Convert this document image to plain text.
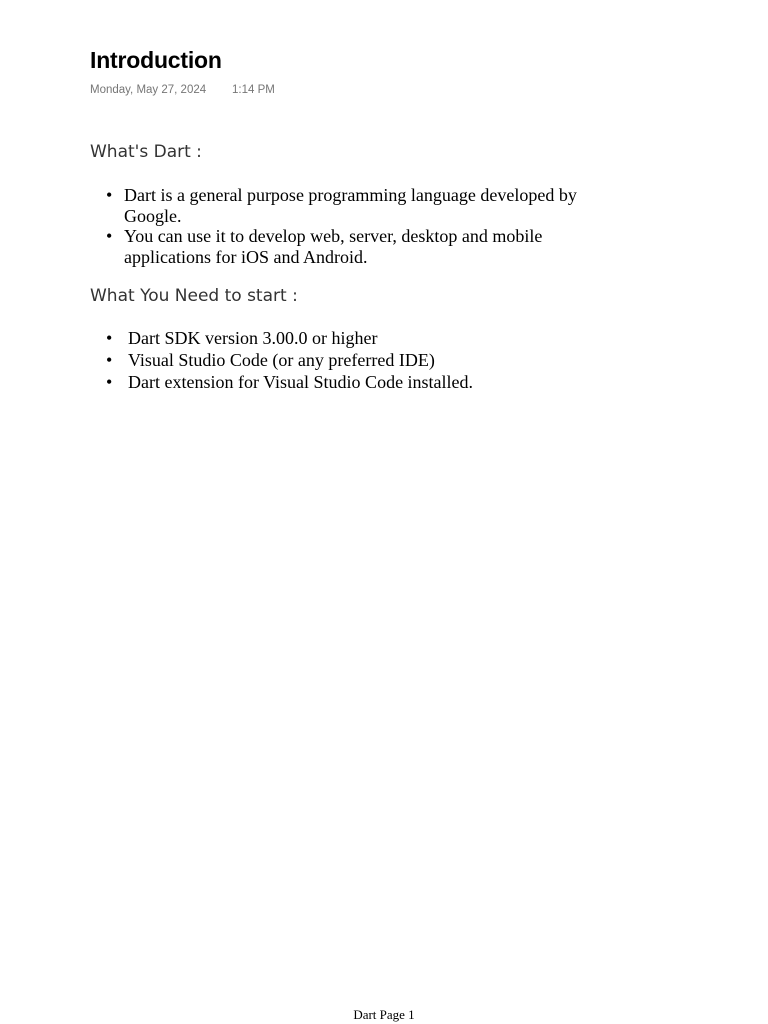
Introduction
Monday, May 27, 2024 1:14 PM
What's Dart :
• Dart is a general purpose programming language developed by Google.
• You can use it to develop web, server, desktop and mobile applications for iOS and Android.
What You Need to start :
• Dart SDK version 3.00.0 or higher
• Visual Studio Code (or any preferred IDE)
• Dart extension for Visual Studio Code installed.
Dart Page 1
